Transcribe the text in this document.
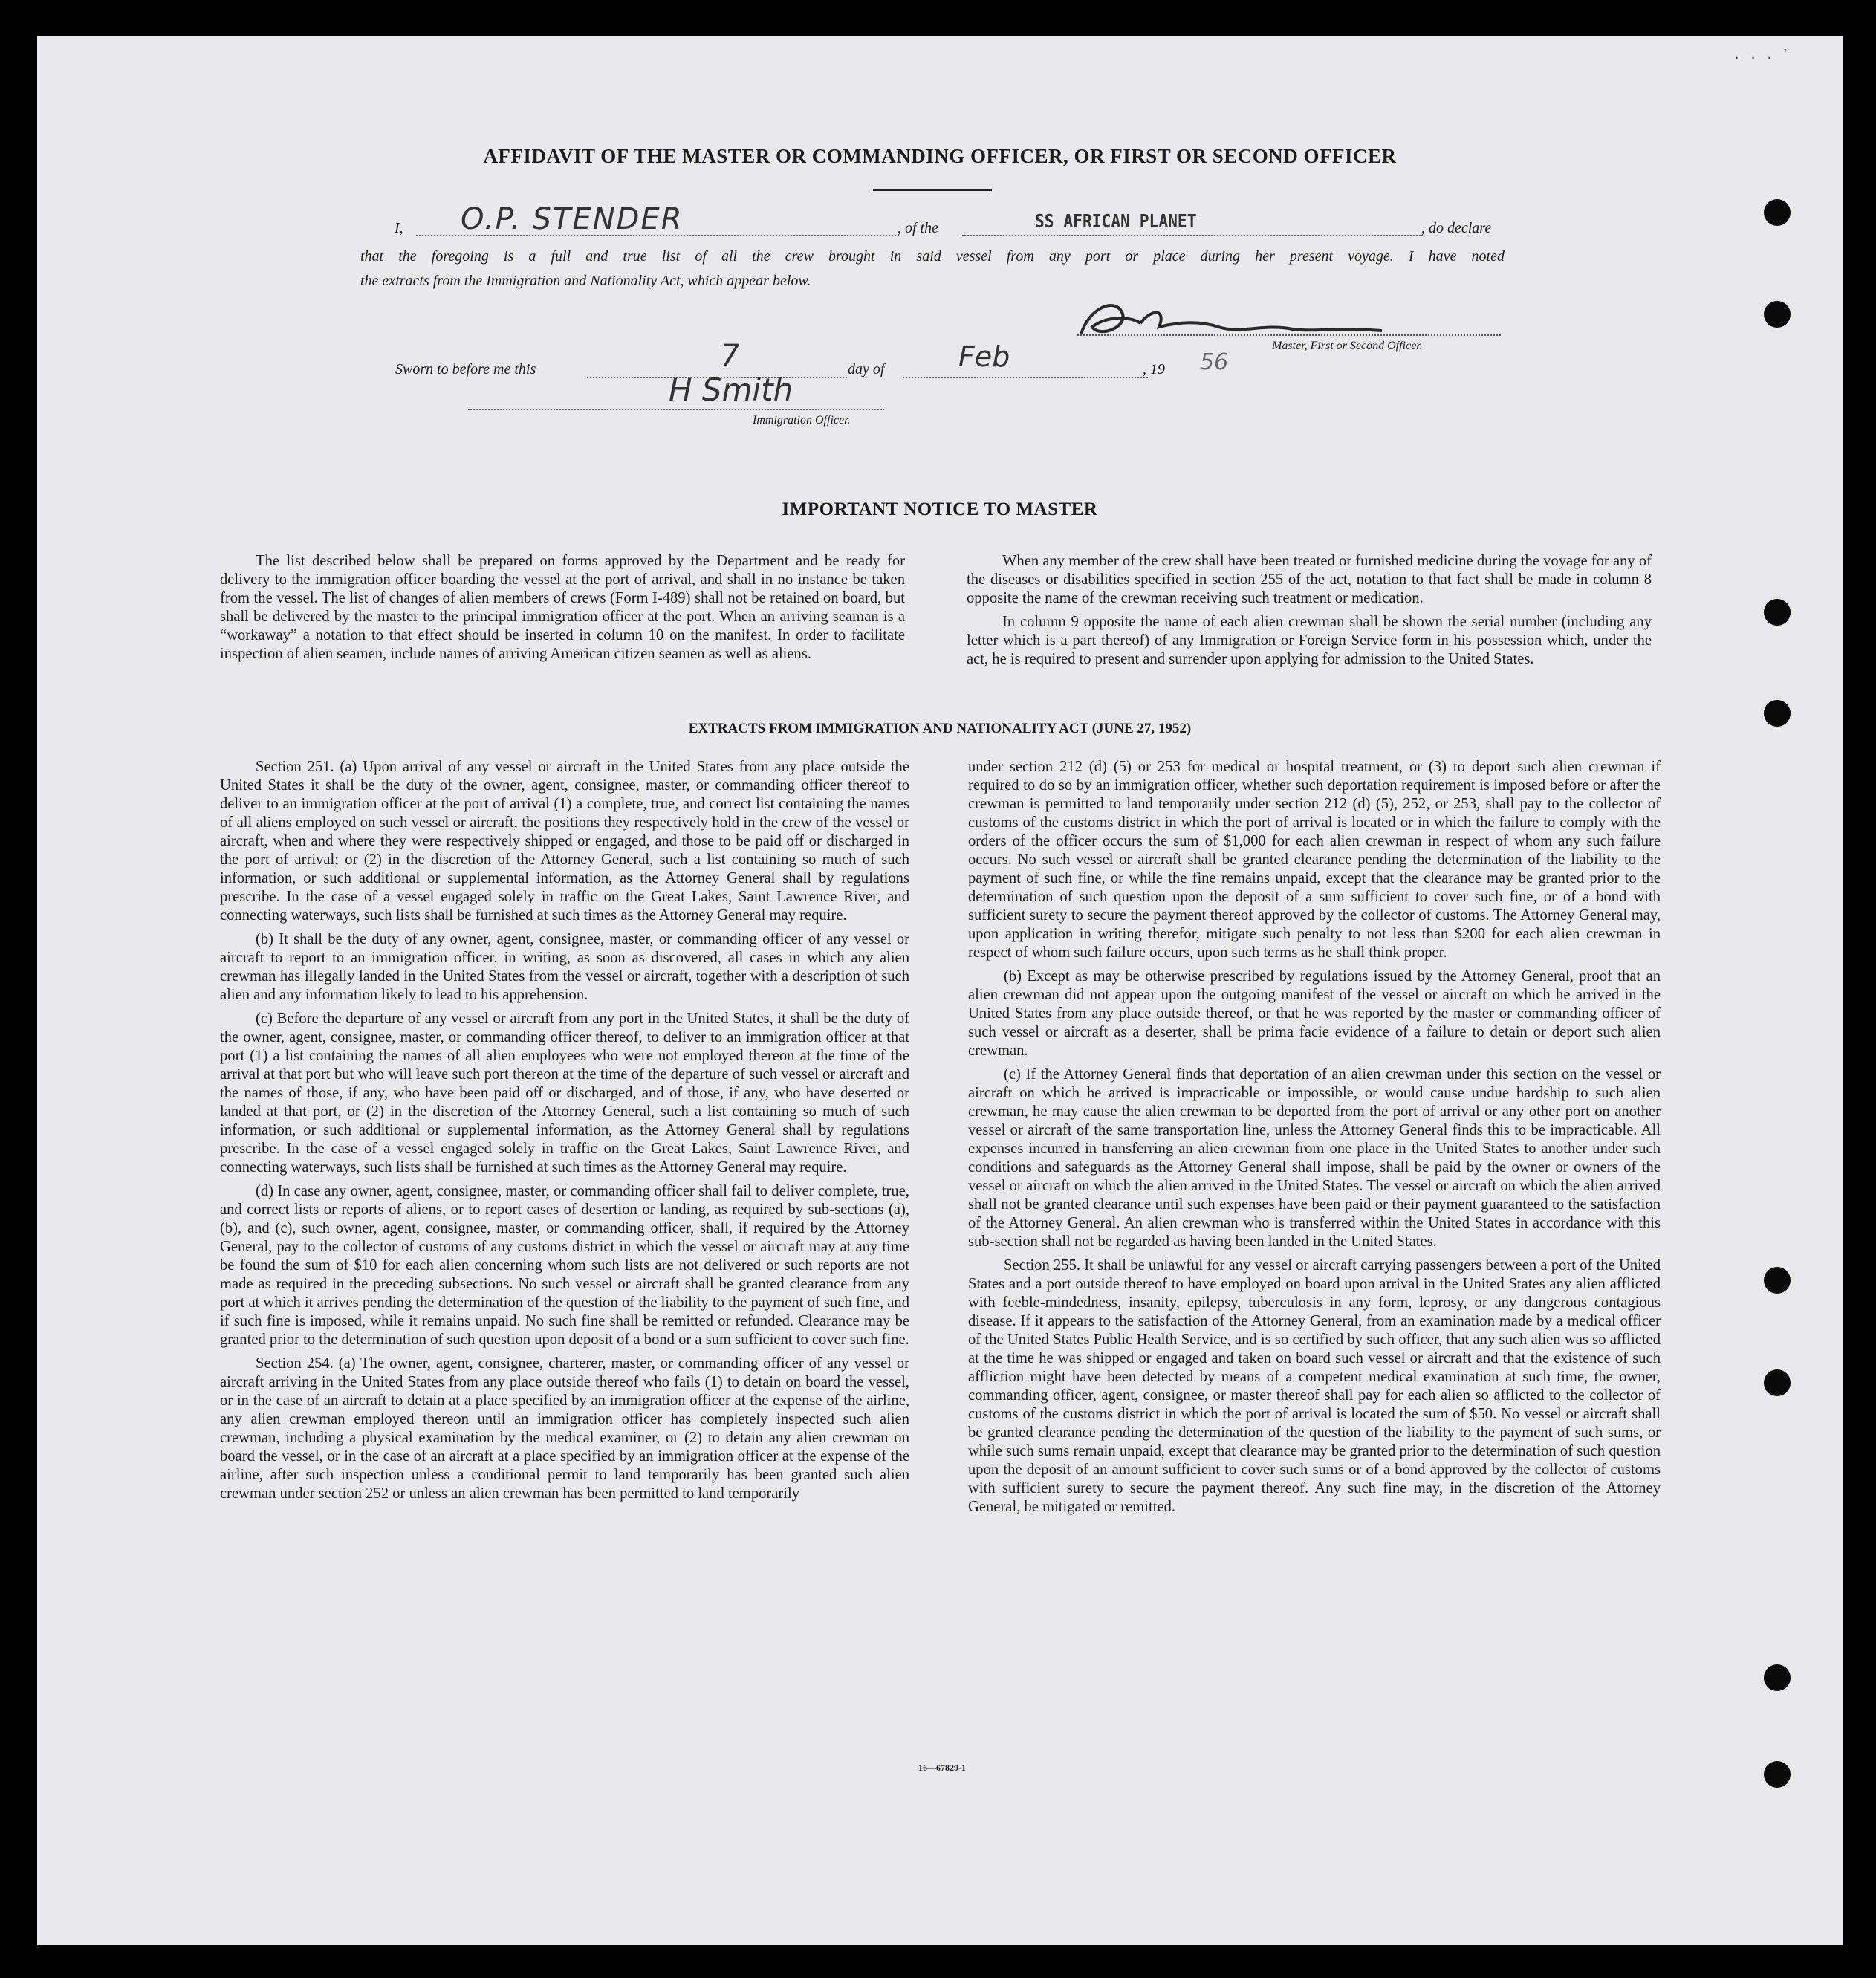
. . . '
AFFIDAVIT OF THE MASTER OR COMMANDING OFFICER, OR FIRST OR SECOND OFFICER
I, O.P. STENDER	, of the	SS AFRICAN PLANET	, do declare
that the foregoing is a full and true list of all the crew brought in said vessel from any port or place during her present voyage. I have noted
the extracts from the Immigration and Nationality Act, which appear below.
Master, First or Second Officer.
Sworn to before me this	7	day of	Feb	, 19 56
H Smith
Immigration Officer.
IMPORTANT NOTICE TO MASTER

The list described below shall be prepared on forms approved by the Department and be ready for delivery to the immigration officer boarding the vessel at the port of arrival, and shall in no instance be taken from the vessel. The list of changes of alien members of crews (Form I-489) shall not be retained on board, but shall be delivered by the master to the principal immigration officer at the port. When an arriving seaman is a “workaway” a notation to that effect should be inserted in column 10 on the manifest. In order to facilitate inspection of alien seamen, include names of arriving American citizen seamen as well as aliens.

When any member of the crew shall have been treated or furnished medicine during the voyage for any of the diseases or disabilities specified in section 255 of the act, notation to that fact shall be made in column 8 opposite the name of the crewman receiving such treatment or medication.

In column 9 opposite the name of each alien crewman shall be shown the serial number (including any letter which is a part thereof) of any Immigration or Foreign Service form in his possession which, under the act, he is required to present and surrender upon applying for admission to the United States.

EXTRACTS FROM IMMIGRATION AND NATIONALITY ACT (JUNE 27, 1952)

Section 251. (a) Upon arrival of any vessel or aircraft in the United States from any place outside the United States it shall be the duty of the owner, agent, consignee, master, or commanding officer thereof to deliver to an immigration officer at the port of arrival (1) a complete, true, and correct list containing the names of all aliens employed on such vessel or aircraft, the positions they respectively hold in the crew of the vessel or aircraft, when and where they were respectively shipped or engaged, and those to be paid off or discharged in the port of arrival; or (2) in the discretion of the Attorney General, such a list containing so much of such information, or such additional or supplemental information, as the Attorney General shall by regulations prescribe. In the case of a vessel engaged solely in traffic on the Great Lakes, Saint Lawrence River, and connecting waterways, such lists shall be furnished at such times as the Attorney General may require.

(b) It shall be the duty of any owner, agent, consignee, master, or commanding officer of any vessel or aircraft to report to an immigration officer, in writing, as soon as discovered, all cases in which any alien crewman has illegally landed in the United States from the vessel or aircraft, together with a description of such alien and any information likely to lead to his apprehension.

(c) Before the departure of any vessel or aircraft from any port in the United States, it shall be the duty of the owner, agent, consignee, master, or commanding officer thereof, to deliver to an immigration officer at that port (1) a list containing the names of all alien employees who were not employed thereon at the time of the arrival at that port but who will leave such port thereon at the time of the departure of such vessel or aircraft and the names of those, if any, who have been paid off or discharged, and of those, if any, who have deserted or landed at that port, or (2) in the discretion of the Attorney General, such a list containing so much of such information, or such additional or supplemental information, as the Attorney General shall by regulations prescribe. In the case of a vessel engaged solely in traffic on the Great Lakes, Saint Lawrence River, and connecting waterways, such lists shall be furnished at such times as the Attorney General may require.

(d) In case any owner, agent, consignee, master, or commanding officer shall fail to deliver complete, true, and correct lists or reports of aliens, or to report cases of desertion or landing, as required by sub-sections (a), (b), and (c), such owner, agent, consignee, master, or commanding officer, shall, if required by the Attorney General, pay to the collector of customs of any customs district in which the vessel or aircraft may at any time be found the sum of $10 for each alien concerning whom such lists are not delivered or such reports are not made as required in the preceding subsections. No such vessel or aircraft shall be granted clearance from any port at which it arrives pending the determination of the question of the liability to the payment of such fine, and if such fine is imposed, while it remains unpaid. No such fine shall be remitted or refunded. Clearance may be granted prior to the determination of such question upon deposit of a bond or a sum sufficient to cover such fine.

Section 254. (a) The owner, agent, consignee, charterer, master, or commanding officer of any vessel or aircraft arriving in the United States from any place outside thereof who fails (1) to detain on board the vessel, or in the case of an aircraft to detain at a place specified by an immigration officer at the expense of the airline, any alien crewman employed thereon until an immigration officer has completely inspected such alien crewman, including a physical examination by the medical examiner, or (2) to detain any alien crewman on board the vessel, or in the case of an aircraft at a place specified by an immigration officer at the expense of the airline, after such inspection unless a conditional permit to land temporarily has been granted such alien crewman under section 252 or unless an alien crewman has been permitted to land temporarily

under section 212 (d) (5) or 253 for medical or hospital treatment, or (3) to deport such alien crewman if required to do so by an immigration officer, whether such deportation requirement is imposed before or after the crewman is permitted to land temporarily under section 212 (d) (5), 252, or 253, shall pay to the collector of customs of the customs district in which the port of arrival is located or in which the failure to comply with the orders of the officer occurs the sum of $1,000 for each alien crewman in respect of whom any such failure occurs. No such vessel or aircraft shall be granted clearance pending the determination of the liability to the payment of such fine, or while the fine remains unpaid, except that the clearance may be granted prior to the determination of such question upon the deposit of a sum sufficient to cover such fine, or of a bond with sufficient surety to secure the payment thereof approved by the collector of customs. The Attorney General may, upon application in writing therefor, mitigate such penalty to not less than $200 for each alien crewman in respect of whom such failure occurs, upon such terms as he shall think proper.

(b) Except as may be otherwise prescribed by regulations issued by the Attorney General, proof that an alien crewman did not appear upon the outgoing manifest of the vessel or aircraft on which he arrived in the United States from any place outside thereof, or that he was reported by the master or commanding officer of such vessel or aircraft as a deserter, shall be prima facie evidence of a failure to detain or deport such alien crewman.

(c) If the Attorney General finds that deportation of an alien crewman under this section on the vessel or aircraft on which he arrived is impracticable or impossible, or would cause undue hardship to such alien crewman, he may cause the alien crewman to be deported from the port of arrival or any other port on another vessel or aircraft of the same transportation line, unless the Attorney General finds this to be impracticable. All expenses incurred in transferring an alien crewman from one place in the United States to another under such conditions and safeguards as the Attorney General shall impose, shall be paid by the owner or owners of the vessel or aircraft on which the alien arrived in the United States. The vessel or aircraft on which the alien arrived shall not be granted clearance until such expenses have been paid or their payment guaranteed to the satisfaction of the Attorney General. An alien crewman who is transferred within the United States in accordance with this sub-section shall not be regarded as having been landed in the United States.

Section 255. It shall be unlawful for any vessel or aircraft carrying passengers between a port of the United States and a port outside thereof to have employed on board upon arrival in the United States any alien afflicted with feeble-mindedness, insanity, epilepsy, tuberculosis in any form, leprosy, or any dangerous contagious disease. If it appears to the satisfaction of the Attorney General, from an examination made by a medical officer of the United States Public Health Service, and is so certified by such officer, that any such alien was so afflicted at the time he was shipped or engaged and taken on board such vessel or aircraft and that the existence of such affliction might have been detected by means of a competent medical examination at such time, the owner, commanding officer, agent, consignee, or master thereof shall pay for each alien so afflicted to the collector of customs of the customs district in which the port of arrival is located the sum of $50. No vessel or aircraft shall be granted clearance pending the determination of the question of the liability to the payment of such sums, or while such sums remain unpaid, except that clearance may be granted prior to the determination of such question upon the deposit of an amount sufficient to cover such sums or of a bond approved by the collector of customs with sufficient surety to secure the payment thereof. Any such fine may, in the discretion of the Attorney General, be mitigated or remitted.

16—67829-1
